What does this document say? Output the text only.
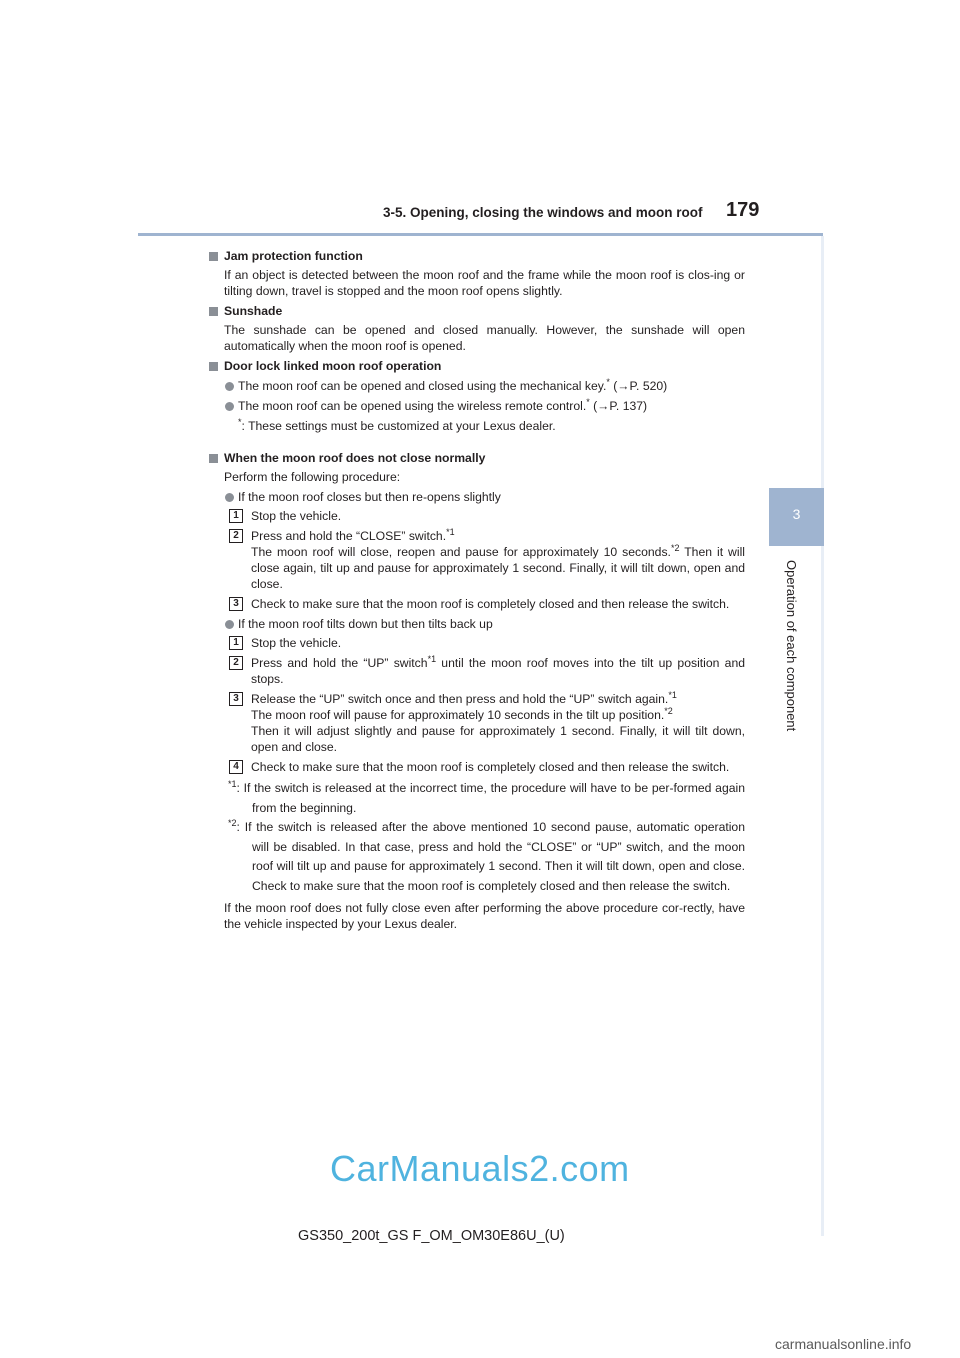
3-5. Opening, closing the windows and moon roof 179
3
Operation of each component
Jam protection function
If an object is detected between the moon roof and the frame while the moon roof is clos-ing or tilting down, travel is stopped and the moon roof opens slightly.
Sunshade
The sunshade can be opened and closed manually. However, the sunshade will open automatically when the moon roof is opened.
Door lock linked moon roof operation
The moon roof can be opened and closed using the mechanical key.* (→P. 520)
The moon roof can be opened using the wireless remote control.* (→P. 137)
*: These settings must be customized at your Lexus dealer.
When the moon roof does not close normally
Perform the following procedure:
If the moon roof closes but then re-opens slightly
1	Stop the vehicle.
2	Press and hold the “CLOSE” switch.$^{*1}$
The moon roof will close, reopen and pause for approximately 10 seconds.$^{*2}$ Then it will close again, tilt up and pause for approximately 1 second. Finally, it will tilt down, open and close.
3	Check to make sure that the moon roof is completely closed and then release the switch.
If the moon roof tilts down but then tilts back up
1	Stop the vehicle.
2	Press and hold the “UP” switch$^{*1}$ until the moon roof moves into the tilt up position and stops.
3	Release the “UP” switch once and then press and hold the “UP” switch again.$^{*1}$
The moon roof will pause for approximately 10 seconds in the tilt up position.$^{*2}$
Then it will adjust slightly and pause for approximately 1 second. Finally, it will tilt down, open and close.
4	Check to make sure that the moon roof is completely closed and then release the switch.
$^{*1}$: If the switch is released at the incorrect time, the procedure will have to be per-formed again from the beginning.
$^{*2}$: If the switch is released after the above mentioned 10 second pause, automatic operation will be disabled. In that case, press and hold the “CLOSE” or “UP” switch, and the moon roof will tilt up and pause for approximately 1 second. Then it will tilt down, open and close. Check to make sure that the moon roof is completely closed and then release the switch.
If the moon roof does not fully close even after performing the above procedure cor-rectly, have the vehicle inspected by your Lexus dealer.
CarManuals2.com
GS350_200t_GS F_OM_OM30E86U_(U)
carmanualsonline.info
